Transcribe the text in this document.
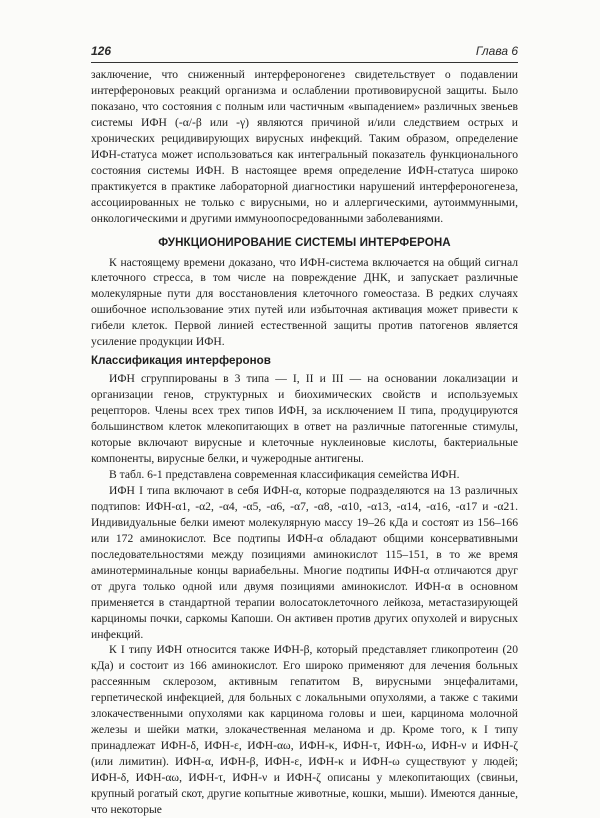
126	Глава 6

заключение, что сниженный интерфероногенез свидетельствует о подавлении интерфероновых реакций организма и ослаблении противовирусной защиты. Было показано, что состояния с полным или частичным «выпадением» различных звеньев системы ИФН (-α/-β или -γ) являются причиной и/или следствием острых и хронических рецидивирующих вирусных инфекций. Таким образом, определение ИФН-статуса может использоваться как интегральный показатель функционального состояния системы ИФН. В настоящее время определение ИФН-статуса широко практикуется в практике лабораторной диагностики нарушений интерфероногенеза, ассоциированных не только с вирусными, но и аллергическими, аутоиммунными, онкологическими и другими иммуноопосредованными заболеваниями.

ФУНКЦИОНИРОВАНИЕ СИСТЕМЫ ИНТЕРФЕРОНА

К настоящему времени доказано, что ИФН-система включается на общий сигнал клеточного стресса, в том числе на повреждение ДНК, и запускает различные молекулярные пути для восстановления клеточного гомеостаза. В редких случаях ошибочное использование этих путей или избыточная активация может привести к гибели клеток. Первой линией естественной защиты против патогенов является усиление продукции ИФН.

Классификация интерферонов

ИФН сгруппированы в 3 типа — I, II и III — на основании локализации и организации генов, структурных и биохимических свойств и используемых рецепторов. Члены всех трех типов ИФН, за исключением II типа, продуцируются большинством клеток млекопитающих в ответ на различные патогенные стимулы, которые включают вирусные и клеточные нуклеиновые кислоты, бактериальные компоненты, вирусные белки, и чужеродные антигены.

В табл. 6-1 представлена современная классификация семейства ИФН.

ИФН I типа включают в себя ИФН-α, которые подразделяются на 13 различных подтипов: ИФН-α1, -α2, -α4, -α5, -α6, -α7, -α8, -α10, -α13, -α14, -α16, -α17 и -α21. Индивидуальные белки имеют молекулярную массу 19–26 кДа и состоят из 156–166 или 172 аминокислот. Все подтипы ИФН-α обладают общими консервативными последовательностями между позициями аминокислот 115–151, в то же время аминотерминальные концы вариабельны. Многие подтипы ИФН-α отличаются друг от друга только одной или двумя позициями аминокислот. ИФН-α в основном применяется в стандартной терапии волосатоклеточного лейкоза, метастазирующей карциномы почки, саркомы Капоши. Он активен против других опухолей и вирусных инфекций.

К I типу ИФН относится также ИФН-β, который представляет гликопротеин (20 кДа) и состоит из 166 аминокислот. Его широко применяют для лечения больных рассеянным склерозом, активным гепатитом В, вирусными энцефалитами, герпетической инфекцией, для больных с локальными опухолями, а также с такими злокачественными опухолями как карцинома головы и шеи, карцинома молочной железы и шейки матки, злокачественная меланома и др. Кроме того, к I типу принадлежат ИФН-δ, ИФН-ε, ИФН-αω, ИФН-κ, ИФН-τ, ИФН-ω, ИФН-ν и ИФН-ζ (или лимитин). ИФН-α, ИФН-β, ИФН-ε, ИФН-κ и ИФН-ω существуют у людей; ИФН-δ, ИФН-αω, ИФН-τ, ИФН-ν и ИФН-ζ описаны у млекопитающих (свиньи, крупный рогатый скот, другие копытные животные, кошки, мыши). Имеются данные, что некоторые
